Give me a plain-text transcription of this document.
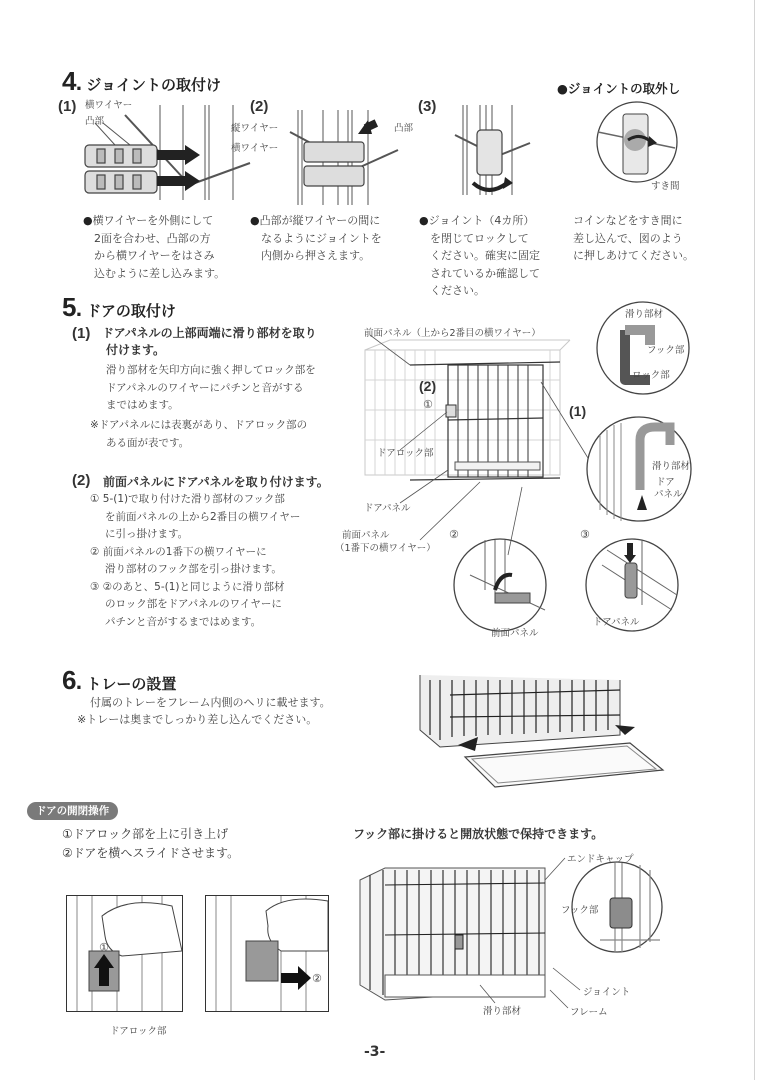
4 . ジョイントの取付け
(1) 横ワイヤー
凸部
(2)
縦ワイヤー
横ワイヤー
凸部
(3)
●ジョイントの取外し
すき間
●横ワイヤーを外側にして
2面を合わせ、凸部の方
から横ワイヤーをはさみ
込むように差し込みます。
●凸部が縦ワイヤーの間に
なるようにジョイントを
内側から押さえます。
●ジョイント（4カ所）
を閉じてロックして
ください。確実に固定
されているか確認して
ください。
コインなどをすき間に
差し込んで、図のよう
に押しあけてください。
5 . ドアの取付け
(1) ドアパネルの上部両端に滑り部材を取り
付けます。
滑り部材を矢印方向に強く押してロック部を
ドアパネルのワイヤーにパチンと音がする
まではめます。
※ドアパネルには表裏があり、ドアロック部の
ある面が表です。
(2) 前面パネルにドアパネルを取り付けます。
① 5-(1)で取り付けた滑り部材のフック部
を前面パネルの上から2番目の横ワイヤー
に引っ掛けます。
② 前面パネルの1番下の横ワイヤーに
滑り部材のフック部を引っ掛けます。
③ ②のあと、5-(1)と同じように滑り部材
のロック部をドアパネルのワイヤーに
パチンと音がするまではめます。
前面パネル（上から2番目の横ワイヤー）
(2)
①
ドアロック部
ドアパネル
前面パネル
（1番下の横ワイヤー）
(1)
滑り部材
フック部
ロック部
滑り部材
ドア
パネル
②
前面パネル
③
ドアパネル
6 . トレーの設置
付属のトレーをフレーム内側のヘリに載せます。
※トレーは奥までしっかり差し込んでください。
ドアの開閉操作
①ドアロック部を上に引き上げ
②ドアを横へスライドさせます。
①
ドアロック部
②
フック部に掛けると開放状態で保持できます。
エンドキャップ
フック部
ジョイント
滑り部材	フレーム
-3-
